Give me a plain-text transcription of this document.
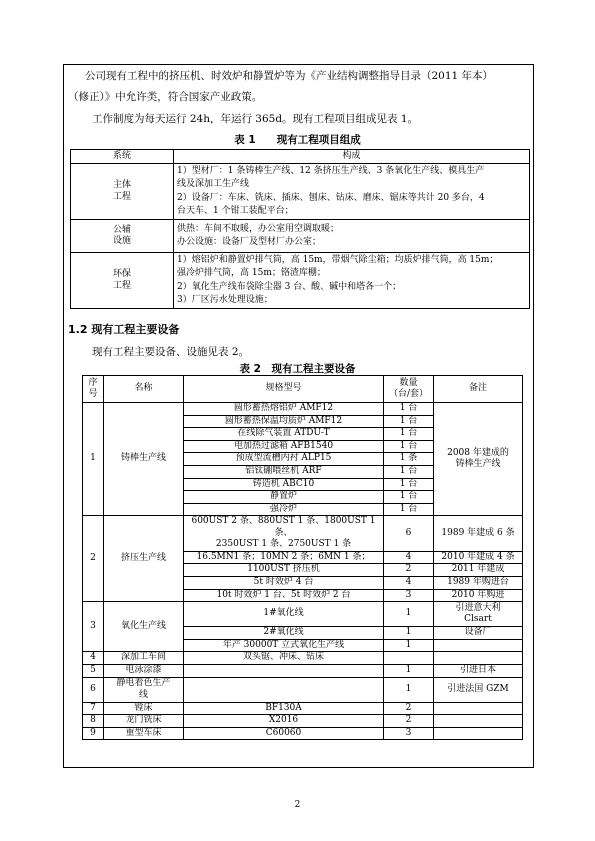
公司现有工程中的挤压机、时效炉和静置炉等为《产业结构调整指导目录（2011 年本）
（修正）》中允许类，符合国家产业政策。
工作制度为每天运行 24h，年运行 365d。现有工程项目组成见表 1。
表 1　　现有工程项目组成
系统	构成
主体
工程	1）型材厂：1 条铸棒生产线、12 条挤压生产线、3 条氧化生产线、模具生产
线及深加工生产线
2）设备厂：车床、铣床、插床、刨床、钻床、磨床、锯床等共计 20 多台，4
台天车、1 个钳工装配平台；
公辅
设施	供热：车间不取暖，办公室用空调取暖；
办公设施：设备厂及型材厂办公室；
环保
工程	1）熔铝炉和静置炉排气筒，高 15m，带烟气除尘箱；均质炉排气筒，高 15m；
强冷炉排气筒，高 15m；铬渣库棚；
2）氧化生产线布袋除尘器 3 台、酸、碱中和塔各一个；
3）厂区污水处理设施；
1.2 现有工程主要设备
现有工程主要设备、设施见表 2。
表 2　现有工程主要设备
序
号	名称	规格型号	数量
（台/套）	备注
1	铸棒生产线	圆形蓄热熔铝炉 AMF12	1 台	2008 年建成的
铸棒生产线
		圆形蓄热保温均质炉 AMF12	1 台	
		在线除气装置 ATDU-T	1 台	
		电加热过滤箱 AFB1540	1 台	
		预成型流槽内衬 ALP15	1 条	
		铝钛硼喂丝机 ARF	1 台	
		铸造机 ABC10	1 台	
		静置炉	1 台	
		强冷炉	1 台	
2	挤压生产线	600UST 2 条、880UST 1 条、1800UST 1 条、
2350UST 1 条、2750UST 1 条	6	1989 年建成 6 条
		16.5MN1 条；10MN 2 条；6MN 1 条；	4	2010 年建成 4 条
		1100UST 挤压机	2	2011 年建成
		5t 时效炉 4 台	4	1989 年购进台
		10t 时效炉 1 台、5t 时效炉 2 台	3	2010 年购进
3	氧化生产线	1#氧化线	1	引进意大利
Clsart
		2#氧化线	1	设备厂
		年产 30000T 立式氧化生产线	1	
4	深加工车间	双头锯、冲床、钻床		
5	电泳涂漆		1	引进日本
6	静电着色生产
线		1	引进法国 GZM
7	镗床	BF130A	2	
8	龙门铣床	X2016	2	
9	重型车床	C60060	3	
2
